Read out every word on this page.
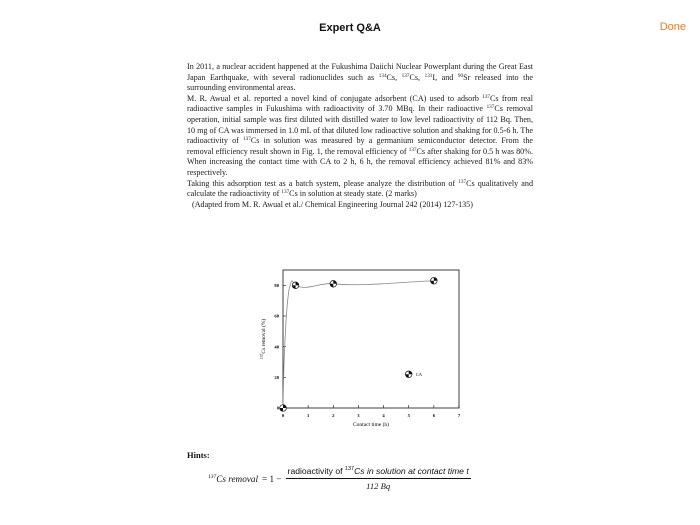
Expert Q&A	Done

In 2011, a nuclear accident happened at the Fukushima Daiichi Nuclear Powerplant during the Great East Japan Earthquake, with several radionuclides such as $^{134}$Cs, $^{137}$Cs, $^{131}$I, and $^{90}$Sr released into the surrounding environmental areas.

M. R. Awual et al. reported a novel kind of conjugate adsorbent (CA) used to adsorb $^{137}$Cs from real radioactive samples in Fukushima with radioactivity of 3.70 MBq. In their radioactive $^{137}$Cs removal operation, initial sample was first diluted with distilled water to low level radioactivity of 112 Bq. Then, 10 mg of CA was immersed in 1.0 mL of that diluted low radioactive solution and shaking for 0.5-6 h. The radioactivity of $^{137}$Cs in solution was measured by a germanium semiconductor detector. From the removal efficiency result shown in Fig. 1, the removal efficiency of $^{137}$Cs after shaking for 0.5 h was 80%. When increasing the contact time with CA to 2 h, 6 h, the removal efficiency achieved 81% and 83% respectively.

Taking this adsorption test as a batch system, please analyze the distribution of $^{137}$Cs qualitatively and calculate the radioactivity of $^{137}$Cs in solution at steady state. (2 marks)

(Adapted from M. R. Awual et al./ Chemical Engineering Journal 242 (2014) 127-135)

0	1	2	3	4	5	6	7
0
20
40
60
80
CA
Contact time (h)
$^{137}$Cs removal (%)
Hints:
$^{137}$Cs removal = $1 - \frac{radioactivity of ^{137}Cs in solution at contact time t}{112 Bq}$
